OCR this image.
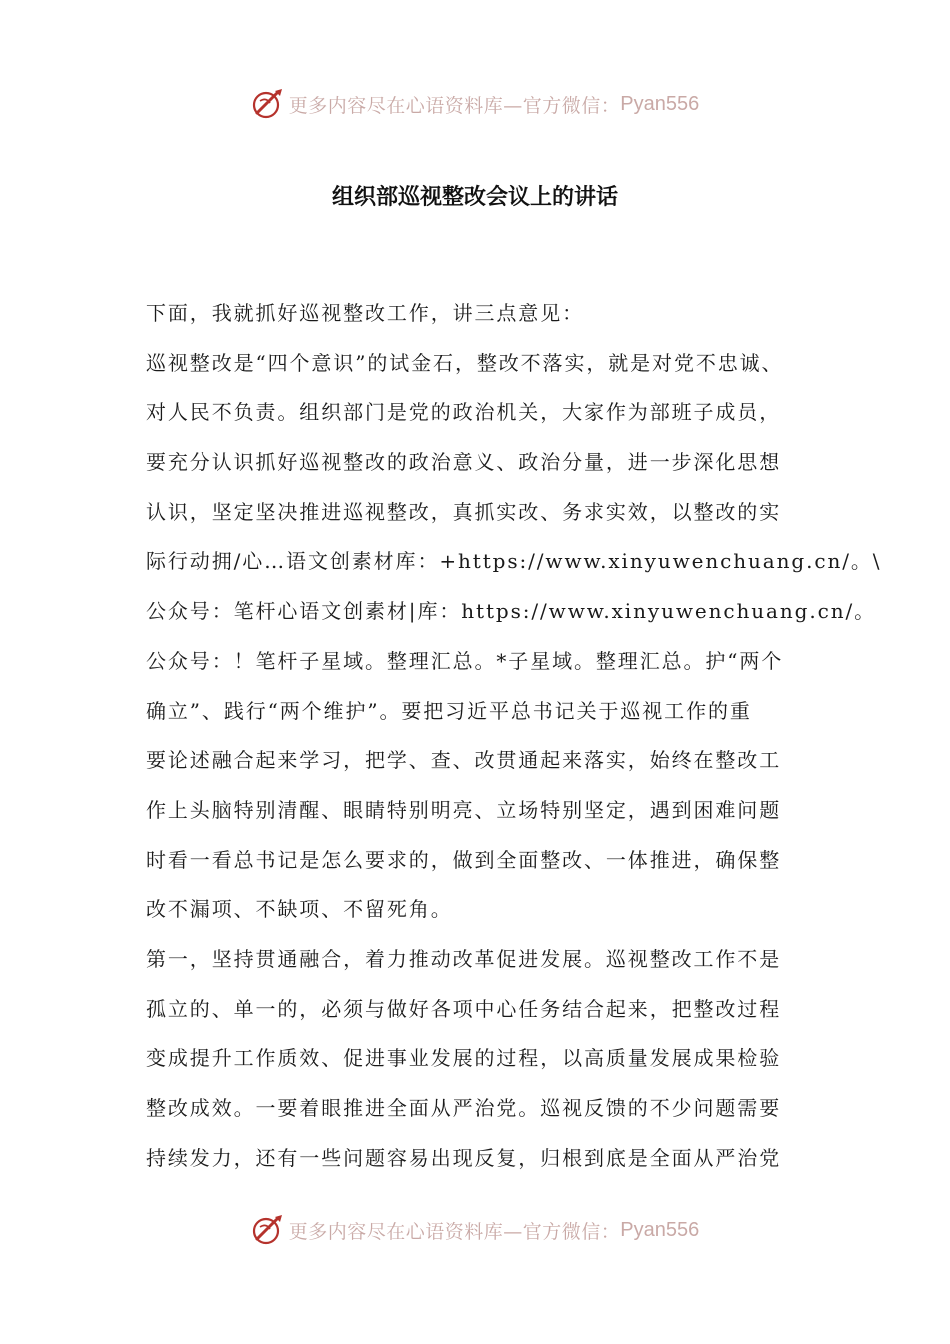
更多内容尽在心语资料库—官方微信： Pyan556
组织部巡视整改会议上的讲话
下面，我就抓好巡视整改工作，讲三点意见：
巡视整改是“四个意识”的试金石，整改不落实，就是对党不忠诚、
对人民不负责。组织部门是党的政治机关，大家作为部班子成员，
要充分认识抓好巡视整改的政治意义、政治分量，进一步深化思想
认识，坚定坚决推进巡视整改，真抓实改、务求实效，以整改的实
际行动拥/心…语文创素材库：+https://www.xinyuwenchuang.cn/。\
公众号：笔杆心语文创素材|库：https://www.xinyuwenchuang.cn/。
公众号：！笔杆子星域。整理汇总。*子星域。整理汇总。护“两个
确立”、践行“两个维护”。要把习近平总书记关于巡视工作的重
要论述融合起来学习，把学、查、改贯通起来落实，始终在整改工
作上头脑特别清醒、眼睛特别明亮、立场特别坚定，遇到困难问题
时看一看总书记是怎么要求的，做到全面整改、一体推进，确保整
改不漏项、不缺项、不留死角。
第一，坚持贯通融合，着力推动改革促进发展。巡视整改工作不是
孤立的、单一的，必须与做好各项中心任务结合起来，把整改过程
变成提升工作质效、促进事业发展的过程，以高质量发展成果检验
整改成效。一要着眼推进全面从严治党。巡视反馈的不少问题需要
持续发力，还有一些问题容易出现反复，归根到底是全面从严治党
更多内容尽在心语资料库—官方微信： Pyan556
